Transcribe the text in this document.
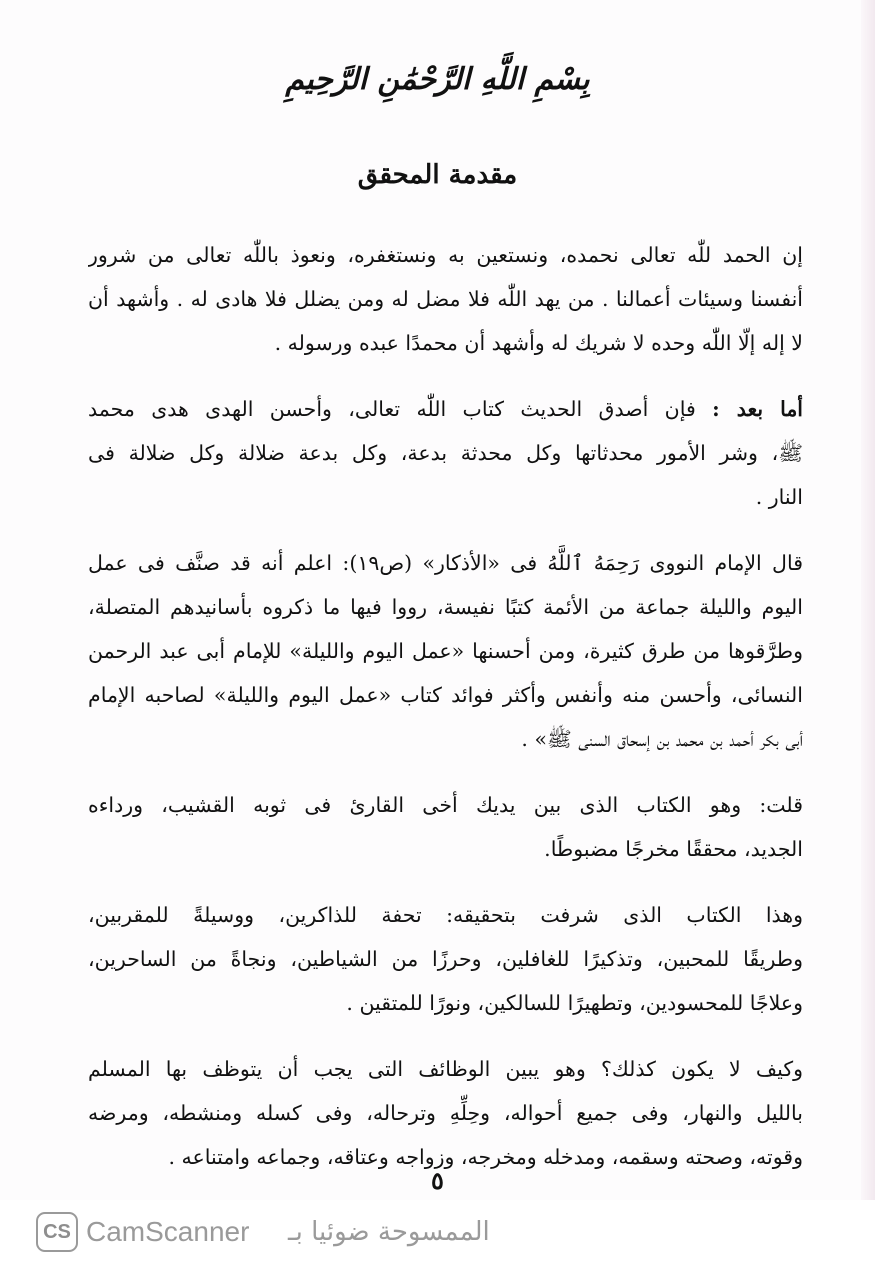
بِسْمِ اللَّهِ الرَّحْمَٰنِ الرَّحِيمِ
مقدمة المحقق

إن الحمد للّٰه تعالى نحمده، ونستعين به ونستغفره، ونعوذ باللّٰه تعالى من شرور
أنفسنا وسيئات أعمالنا . من يهد اللّٰه فلا مضل له ومن يضلل فلا هادى له . وأشهد أن
لا إله إلّا اللّٰه وحده لا شريك له وأشهد أن محمدًا عبده ورسوله .

أما بعد : فإن أصدق الحديث كتاب اللّٰه تعالى، وأحسن الهدى هدى محمد
ﷺ، وشر الأمور محدثاتها وكل محدثة بدعة، وكل بدعة ضلالة وكل ضلالة فى
النار .

قال الإمام النووى رَحِمَهُ ٱللَّهُ فى «الأذكار» (ص١٩): اعلم أنه قد صنَّف فى عمل
اليوم والليلة جماعة من الأئمة كتبًا نفيسة، رووا فيها ما ذكروه بأسانيدهم المتصلة،
وطرَّقوها من طرق كثيرة، ومن أحسنها «عمل اليوم والليلة» للإمام أبى عبد الرحمن
النسائى، وأحسن منه وأنفس وأكثر فوائد كتاب «عمل اليوم والليلة» لصاحبه الإمام
أبى بكر أحمد بن محمد بن إسحاق السنى ﷺ» .

قلت: وهو الكتاب الذى بين يديك أخى القارئ فى ثوبه القشيب، ورداءه
الجديد، محققًا مخرجًا مضبوطًا.

وهذا الكتاب الذى شرفت بتحقيقه: تحفة للذاكرين، ووسيلةً للمقربين،
وطريقًا للمحبين، وتذكيرًا للغافلين، وحرزًا من الشياطين، ونجاةً من الساحرين،
وعلاجًا للمحسودين، وتطهيرًا للسالكين، ونورًا للمتقين .

وكيف لا يكون كذلك؟ وهو يبين الوظائف التى يجب أن يتوظف بها المسلم
بالليل والنهار، وفى جميع أحواله، وحِلِّهِ وترحاله، وفى كسله ومنشطه، ومرضه
وقوته، وصحته وسقمه، ومدخله ومخرجه، وزواجه وعتاقه، وجماعه وامتناعه .

٥
CS CamScanner الممسوحة ضوئيا بـ
